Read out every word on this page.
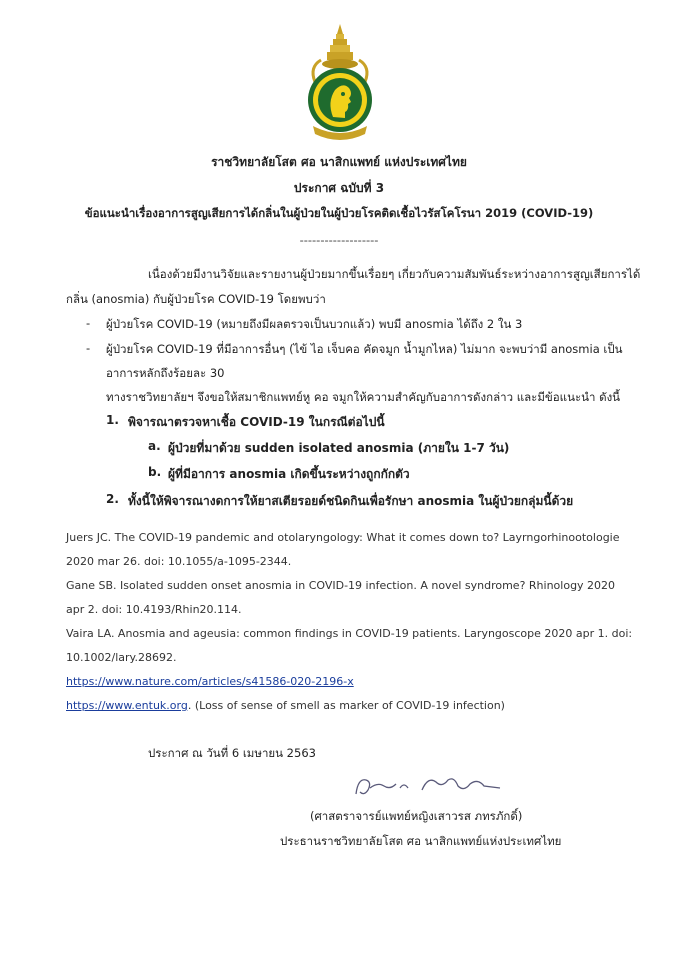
ราชวิทยาลัยโสต ศอ นาสิกแพทย์ แห่งประเทศไทย
ประกาศ ฉบับที่ 3
ข้อแนะนำเรื่องอาการสูญเสียการได้กลิ่นในผู้ป่วยในผู้ป่วยโรคติดเชื้อไวรัสโคโรนา 2019 (COVID-19)
-------------------
เนื่องด้วยมีงานวิจัยและรายงานผู้ป่วยมากขึ้นเรื่อยๆ เกี่ยวกับความสัมพันธ์ระหว่างอาการสูญเสียการได้
กลิ่น (anosmia) กับผู้ป่วยโรค COVID-19 โดยพบว่า
- ผู้ป่วยโรค COVID-19 (หมายถึงมีผลตรวจเป็นบวกแล้ว) พบมี anosmia ได้ถึง 2 ใน 3
- ผู้ป่วยโรค COVID-19 ที่มีอาการอื่นๆ (ไข้ ไอ เจ็บคอ คัดจมูก น้ำมูกไหล) ไม่มาก จะพบว่ามี anosmia เป็น
อาการหลักถึงร้อยละ 30
ทางราชวิทยาลัยฯ จึงขอให้สมาชิกแพทย์หู คอ จมูกให้ความสำคัญกับอาการดังกล่าว และมีข้อแนะนำ ดังนี้
1. พิจารณาตรวจหาเชื้อ COVID-19 ในกรณีต่อไปนี้
a. ผู้ป่วยที่มาด้วย sudden isolated anosmia (ภายใน 1-7 วัน)
b. ผู้ที่มีอาการ anosmia เกิดขึ้นระหว่างถูกกักตัว
2. ทั้งนี้ให้พิจารณางดการให้ยาสเตียรอยด์ชนิดกินเพื่อรักษา anosmia ในผู้ป่วยกลุ่มนี้ด้วย
Juers JC. The COVID-19 pandemic and otolaryngology: What it comes down to? Layrngorhinootologie
2020 mar 26. doi: 10.1055/a-1095-2344.
Gane SB. Isolated sudden onset anosmia in COVID-19 infection. A novel syndrome? Rhinology 2020
apr 2. doi: 10.4193/Rhin20.114.
Vaira LA. Anosmia and ageusia: common findings in COVID-19 patients. Laryngoscope 2020 apr 1. doi:
10.1002/lary.28692.
https://www.nature.com/articles/s41586-020-2196-x
https://www.entuk.org. (Loss of sense of smell as marker of COVID-19 infection)
ประกาศ ณ วันที่ 6 เมษายน 2563
(ศาสตราจารย์แพทย์หญิงเสาวรส ภทรภักดิ์)
ประธานราชวิทยาลัยโสต ศอ นาสิกแพทย์แห่งประเทศไทย
